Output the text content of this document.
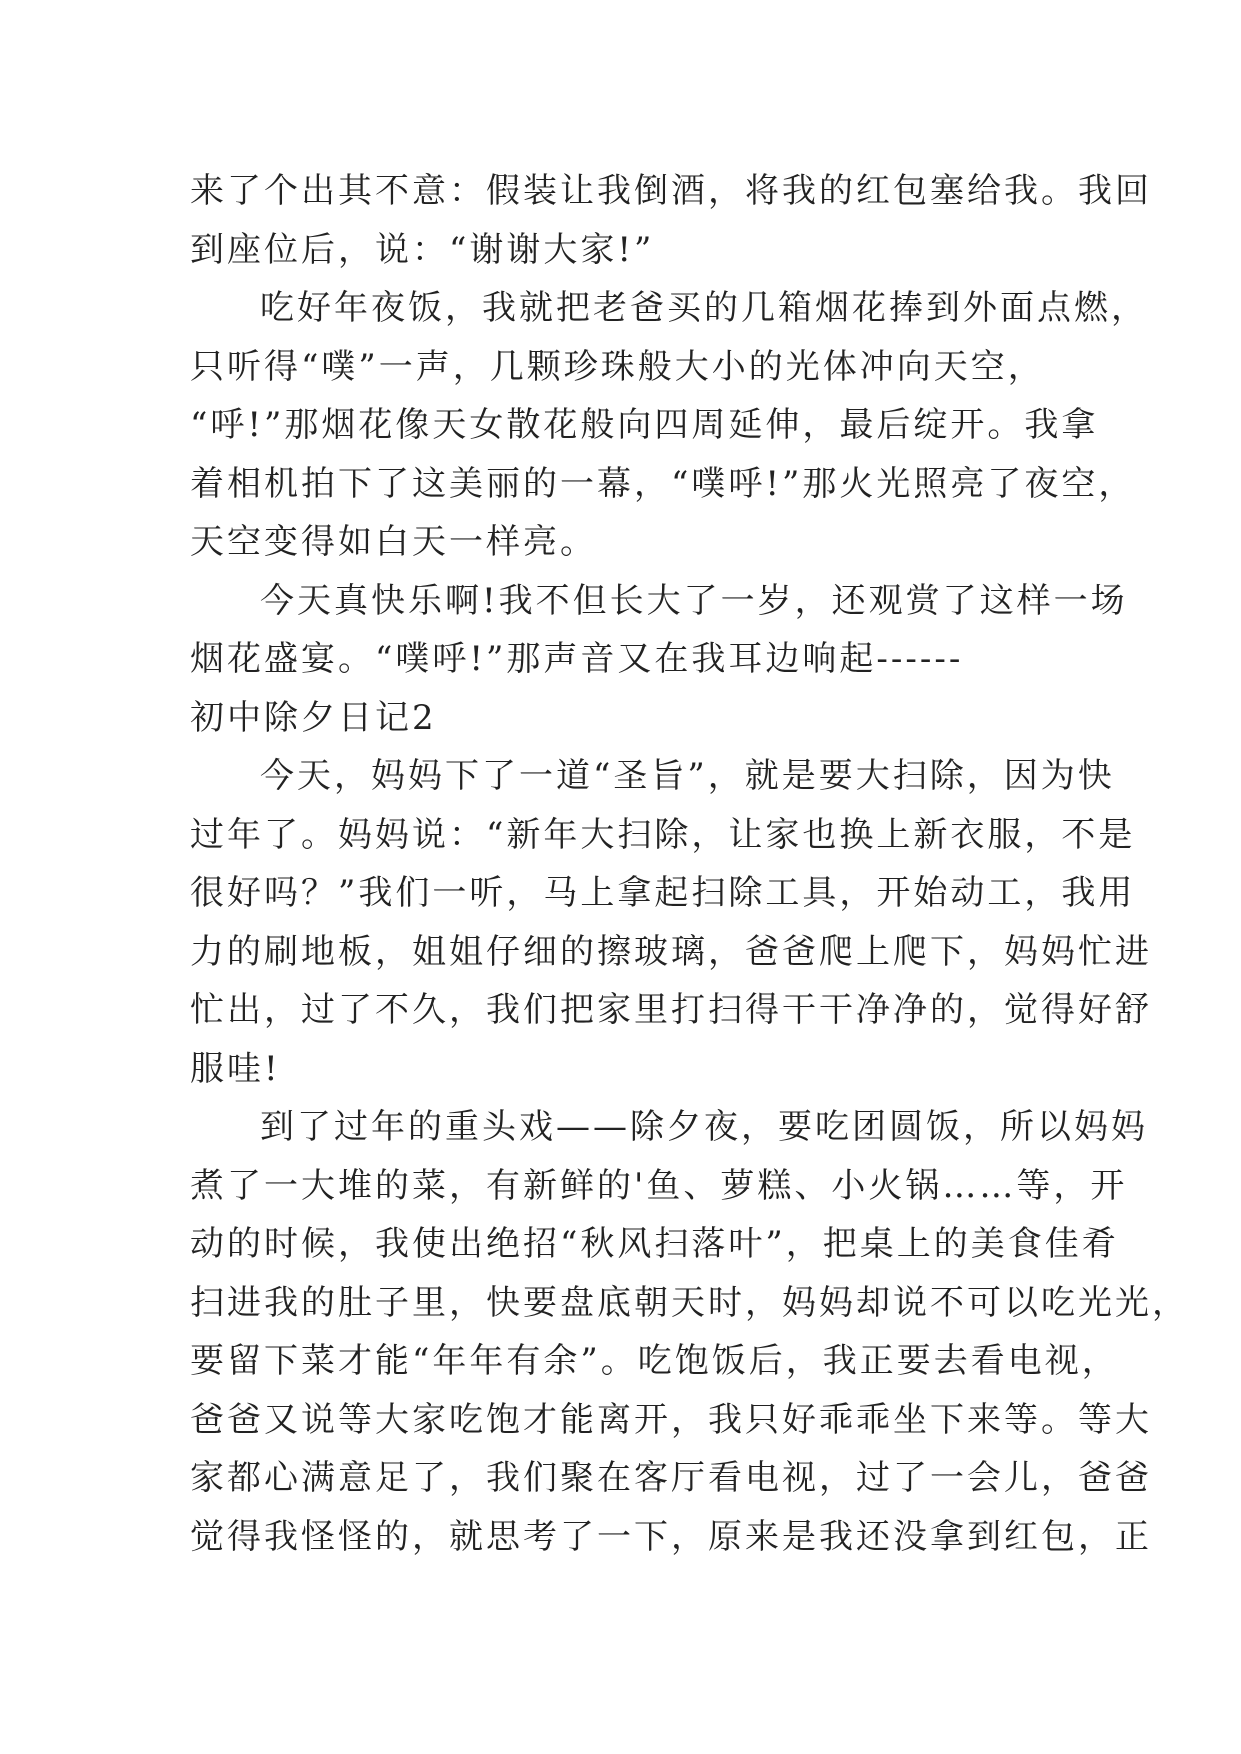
来了个出其不意：假装让我倒酒，将我的红包塞给我。我回
到座位后，说：“谢谢大家!”
吃好年夜饭，我就把老爸买的几箱烟花捧到外面点燃，
只听得“噗”一声，几颗珍珠般大小的光体冲向天空，
“呼!”那烟花像天女散花般向四周延伸，最后绽开。我拿
着相机拍下了这美丽的一幕，“噗呼!”那火光照亮了夜空，
天空变得如白天一样亮。
今天真快乐啊!我不但长大了一岁，还观赏了这样一场
烟花盛宴。“噗呼!”那声音又在我耳边响起------
初中除夕日记2
今天，妈妈下了一道“圣旨”，就是要大扫除，因为快
过年了。妈妈说：“新年大扫除，让家也换上新衣服，不是
很好吗？”我们一听，马上拿起扫除工具，开始动工，我用
力的刷地板，姐姐仔细的擦玻璃，爸爸爬上爬下，妈妈忙进
忙出，过了不久，我们把家里打扫得干干净净的，觉得好舒
服哇!
到了过年的重头戏——除夕夜，要吃团圆饭，所以妈妈
煮了一大堆的菜，有新鲜的'鱼、萝糕、小火锅……等，开
动的时候，我使出绝招“秋风扫落叶”，把桌上的美食佳肴
扫进我的肚子里，快要盘底朝天时，妈妈却说不可以吃光光，
要留下菜才能“年年有余”。吃饱饭后，我正要去看电视，
爸爸又说等大家吃饱才能离开，我只好乖乖坐下来等。等大
家都心满意足了，我们聚在客厅看电视，过了一会儿，爸爸
觉得我怪怪的，就思考了一下，原来是我还没拿到红包，正
